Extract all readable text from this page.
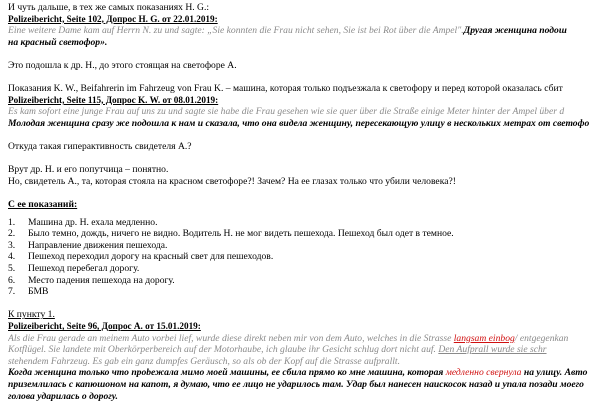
И чуть дальше, в тех же самых показаниях H. G.:
Polizeibericht, Seite 102, Допрос H. G. от 22.01.2019:
Eine weitere Dame kam auf Herrn N. zu und sagte: „Sie konnten die Frau nicht sehen, Sie ist bei Rot über die Ampel".Другая женщина подош
на красный светофор».
Это подошла к др. Н., до этого стоящая на светофоре А.
Показания K. W., Beifahrerin im Fahrzeug von Frau K. – машина, которая только подъезжала к светофору и перед которой оказалась сбит
Polizeibericht, Seite 115, Допрос K. W. от 08.01.2019:
Es kam sofort eine junge Frau auf uns zu und sagte sie habe die Frau gesehen wie sie quer über die Straße einige Meter hinter der Ampel über d
Молодая женщина сразу же подошла к нам и сказала, что она видела женщину, пересекающую улицу в нескольких метрах от светофо
Откуда такая гиперактивность свидетеля А.?
Врут др. Н. и его попутчица – понятно.
Но, свидетель А., та, которая стояла на красном светофоре?! Зачем? На ее глазах только что убили человека?!
С ее показаний:
1.	Машина др. Н. ехала медленно.
2.	Было темно, дождь, ничего не видно. Водитель Н. не мог видеть пешехода. Пешеход был одет в темное.
3.	Направление движения пешехода.
4.	Пешеход переходил дорогу на красный свет для пешеходов.
5.	Пешеход перебегал дорогу.
6.	Место падения пешехода на дорогу.
7.	БМВ
К пункту 1.
Polizeibericht, Seite 96, Допрос A. от 15.01.2019:
Als die Frau gerade an meinem Auto vorbei lief, wurde diese direkt neben mir von dem Auto, welches in die Strasse langsam einbog/ entgegenkan
Kotflügel. Sie landete mit Oberkörperbereich auf der Motorhaube, ich glaube ihr Gesicht schlug dort nicht auf. Den Aufprall wurde sie schr
stehendem Fahrzeug. Es gab ein ganz dumpfes Geräusch, so als ob der Kopf auf die Strasse aufprallt.
Когда женщина только что проbежала мимо моей машины, ее сбила прямо ко мне машина, которая медленно свернула на улицу. Авто
приземлилась с капюшоном на капот, я думаю, что ее лицо не ударилось там. Удар был нанесен наискосок назад и упала позади моего
голова ударилась о дорогу.
